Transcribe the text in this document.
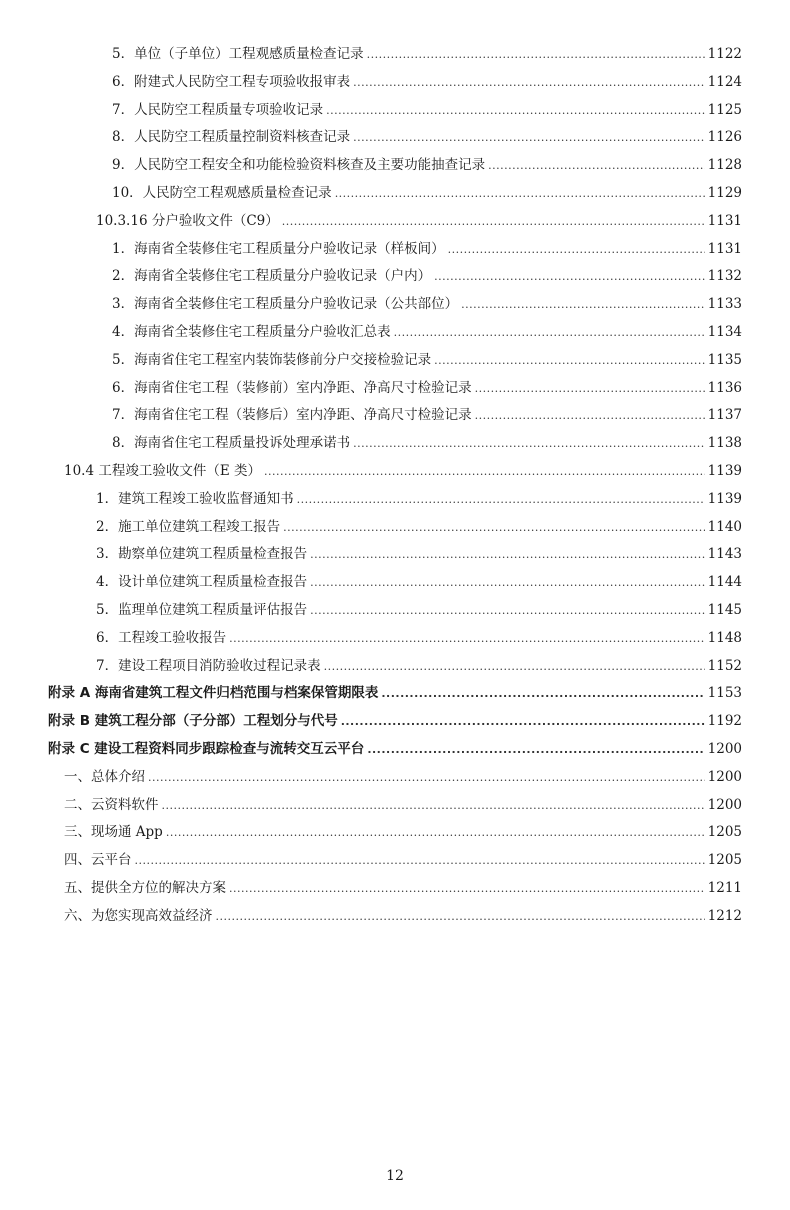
5．单位（子单位）工程观感质量检查记录 .....	1122
6．附建式人民防空工程专项验收报审表 .....	1124
7．人民防空工程质量专项验收记录 .....	1125
8．人民防空工程质量控制资料核查记录 .....	1126
9．人民防空工程安全和功能检验资料核查及主要功能抽查记录 .....	1128
10．人民防空工程观感质量检查记录 .....	1129
10.3.16 分户验收文件（C9） .....	1131
1．海南省全装修住宅工程质量分户验收记录（样板间） .....	1131
2．海南省全装修住宅工程质量分户验收记录（户内） .....	1132
3．海南省全装修住宅工程质量分户验收记录（公共部位） .....	1133
4．海南省全装修住宅工程质量分户验收汇总表 .....	1134
5．海南省住宅工程室内装饰装修前分户交接检验记录 .....	1135
6．海南省住宅工程（装修前）室内净距、净高尺寸检验记录 .....	1136
7．海南省住宅工程（装修后）室内净距、净高尺寸检验记录 .....	1137
8．海南省住宅工程质量投诉处理承诺书 .....	1138
10.4 工程竣工验收文件（E 类） .....	1139
1．建筑工程竣工验收监督通知书 .....	1139
2．施工单位建筑工程竣工报告 .....	1140
3．勘察单位建筑工程质量检查报告 .....	1143
4．设计单位建筑工程质量检查报告 .....	1144
5．监理单位建筑工程质量评估报告 .....	1145
6．工程竣工验收报告 .....	1148
7．建设工程项目消防验收过程记录表 .....	1152
附录 A 海南省建筑工程文件归档范围与档案保管期限表 .....	1153
附录 B 建筑工程分部（子分部）工程划分与代号 .....	1192
附录 C 建设工程资料同步跟踪检查与流转交互云平台 .....	1200
一、总体介绍 .....	1200
二、云资料软件 .....	1200
三、现场通 App .....	1205
四、云平台 .....	1205
五、提供全方位的解决方案 .....	1211
六、为您实现高效益经济 .....	1212
12
